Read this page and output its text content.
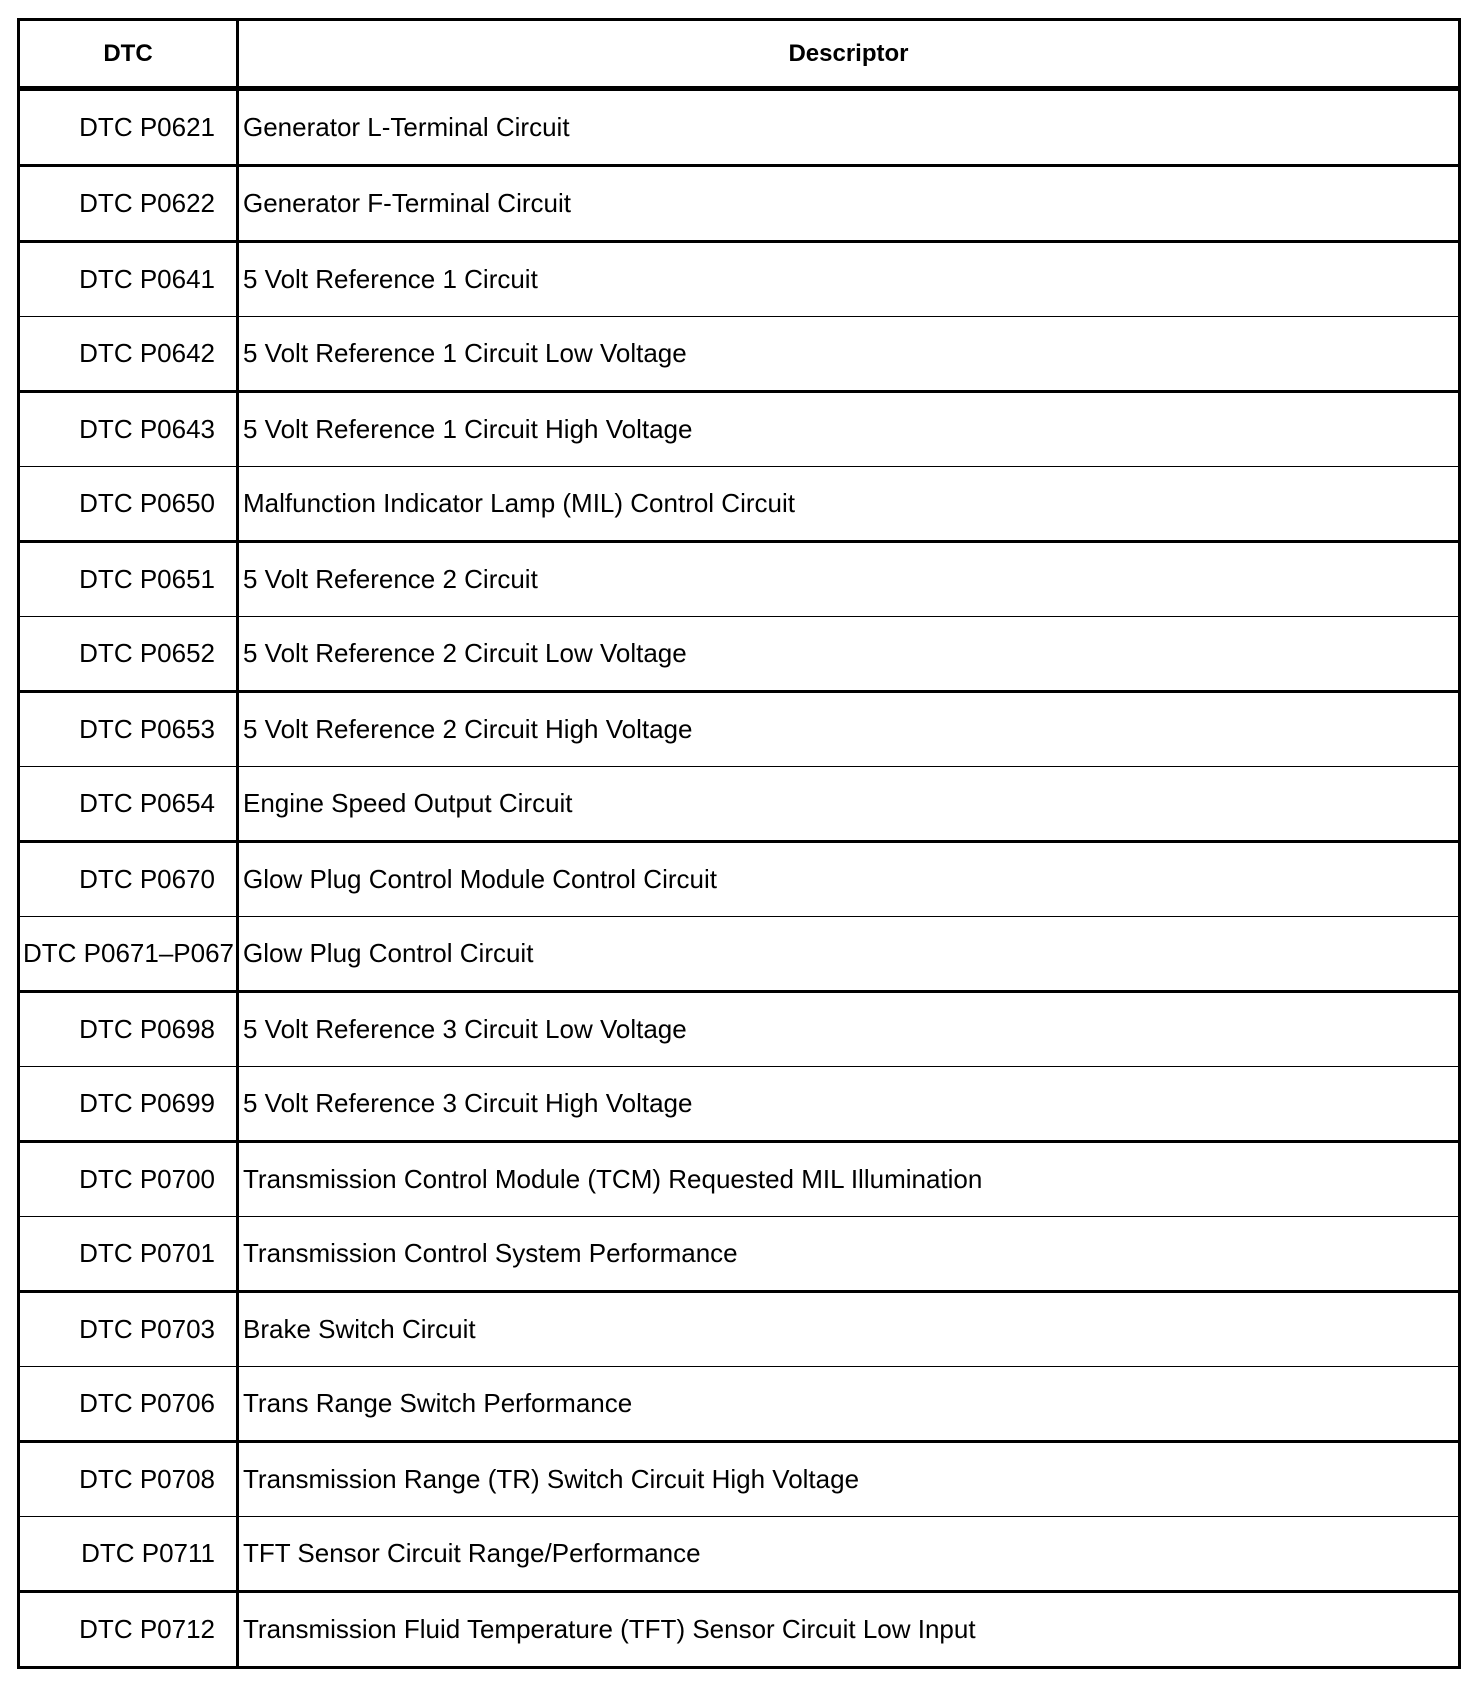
DTC	Descriptor
DTC P0621	Generator L-Terminal Circuit
DTC P0622	Generator F-Terminal Circuit
DTC P0641	5 Volt Reference 1 Circuit
DTC P0642	5 Volt Reference 1 Circuit Low Voltage
DTC P0643	5 Volt Reference 1 Circuit High Voltage
DTC P0650	Malfunction Indicator Lamp (MIL) Control Circuit
DTC P0651	5 Volt Reference 2 Circuit
DTC P0652	5 Volt Reference 2 Circuit Low Voltage
DTC P0653	5 Volt Reference 2 Circuit High Voltage
DTC P0654	Engine Speed Output Circuit
DTC P0670	Glow Plug Control Module Control Circuit
DTC P0671–P067	Glow Plug Control Circuit
DTC P0698	5 Volt Reference 3 Circuit Low Voltage
DTC P0699	5 Volt Reference 3 Circuit High Voltage
DTC P0700	Transmission Control Module (TCM) Requested MIL Illumination
DTC P0701	Transmission Control System Performance
DTC P0703	Brake Switch Circuit
DTC P0706	Trans Range Switch Performance
DTC P0708	Transmission Range (TR) Switch Circuit High Voltage
DTC P0711	TFT Sensor Circuit Range/Performance
DTC P0712	Transmission Fluid Temperature (TFT) Sensor Circuit Low Input
